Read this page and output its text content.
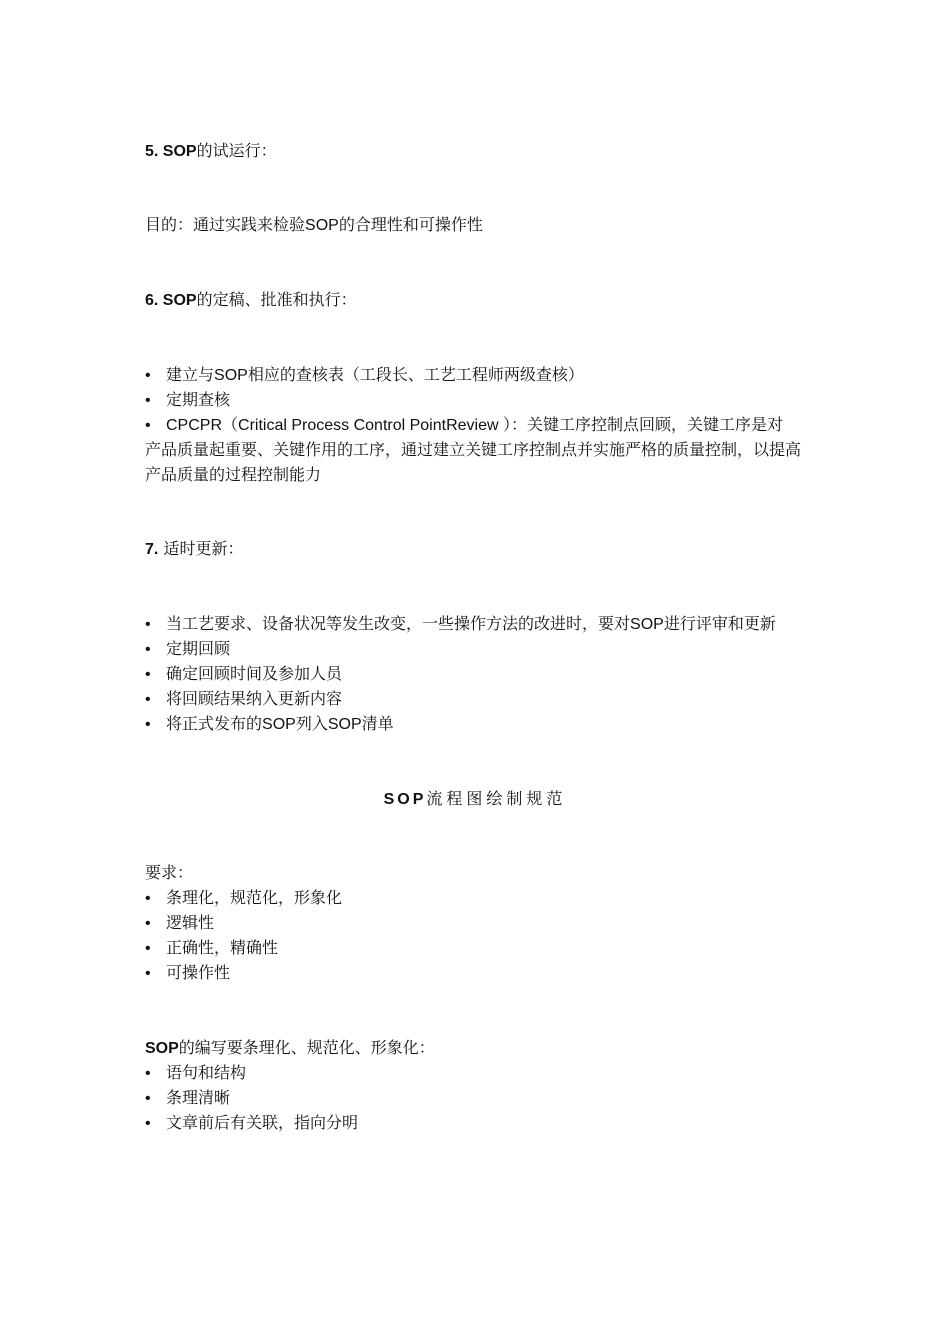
5. SOP的试运行：
目的：通过实践来检验SOP的合理性和可操作性
6. SOP的定稿、批准和执行：
• 建立与SOP相应的查核表（工段长、工艺工程师两级查核）
• 定期查核
• CPCPR（Critical Process Control PointReview ）：关键工序控制点回顾，关键工序是对
产品质量起重要、关键作用的工序，通过建立关键工序控制点并实施严格的质量控制，以提高
产品质量的过程控制能力
7. 适时更新：
• 当工艺要求、设备状况等发生改变，一些操作方法的改进时，要对SOP进行评审和更新
• 定期回顾
• 确定回顾时间及参加人员
• 将回顾结果纳入更新内容
• 将正式发布的SOP列入SOP清单
SOP流程图绘制规范
要求：
• 条理化，规范化，形象化
• 逻辑性
• 正确性，精确性
• 可操作性
SOP的编写要条理化、规范化、形象化：
• 语句和结构
• 条理清晰
• 文章前后有关联，指向分明
